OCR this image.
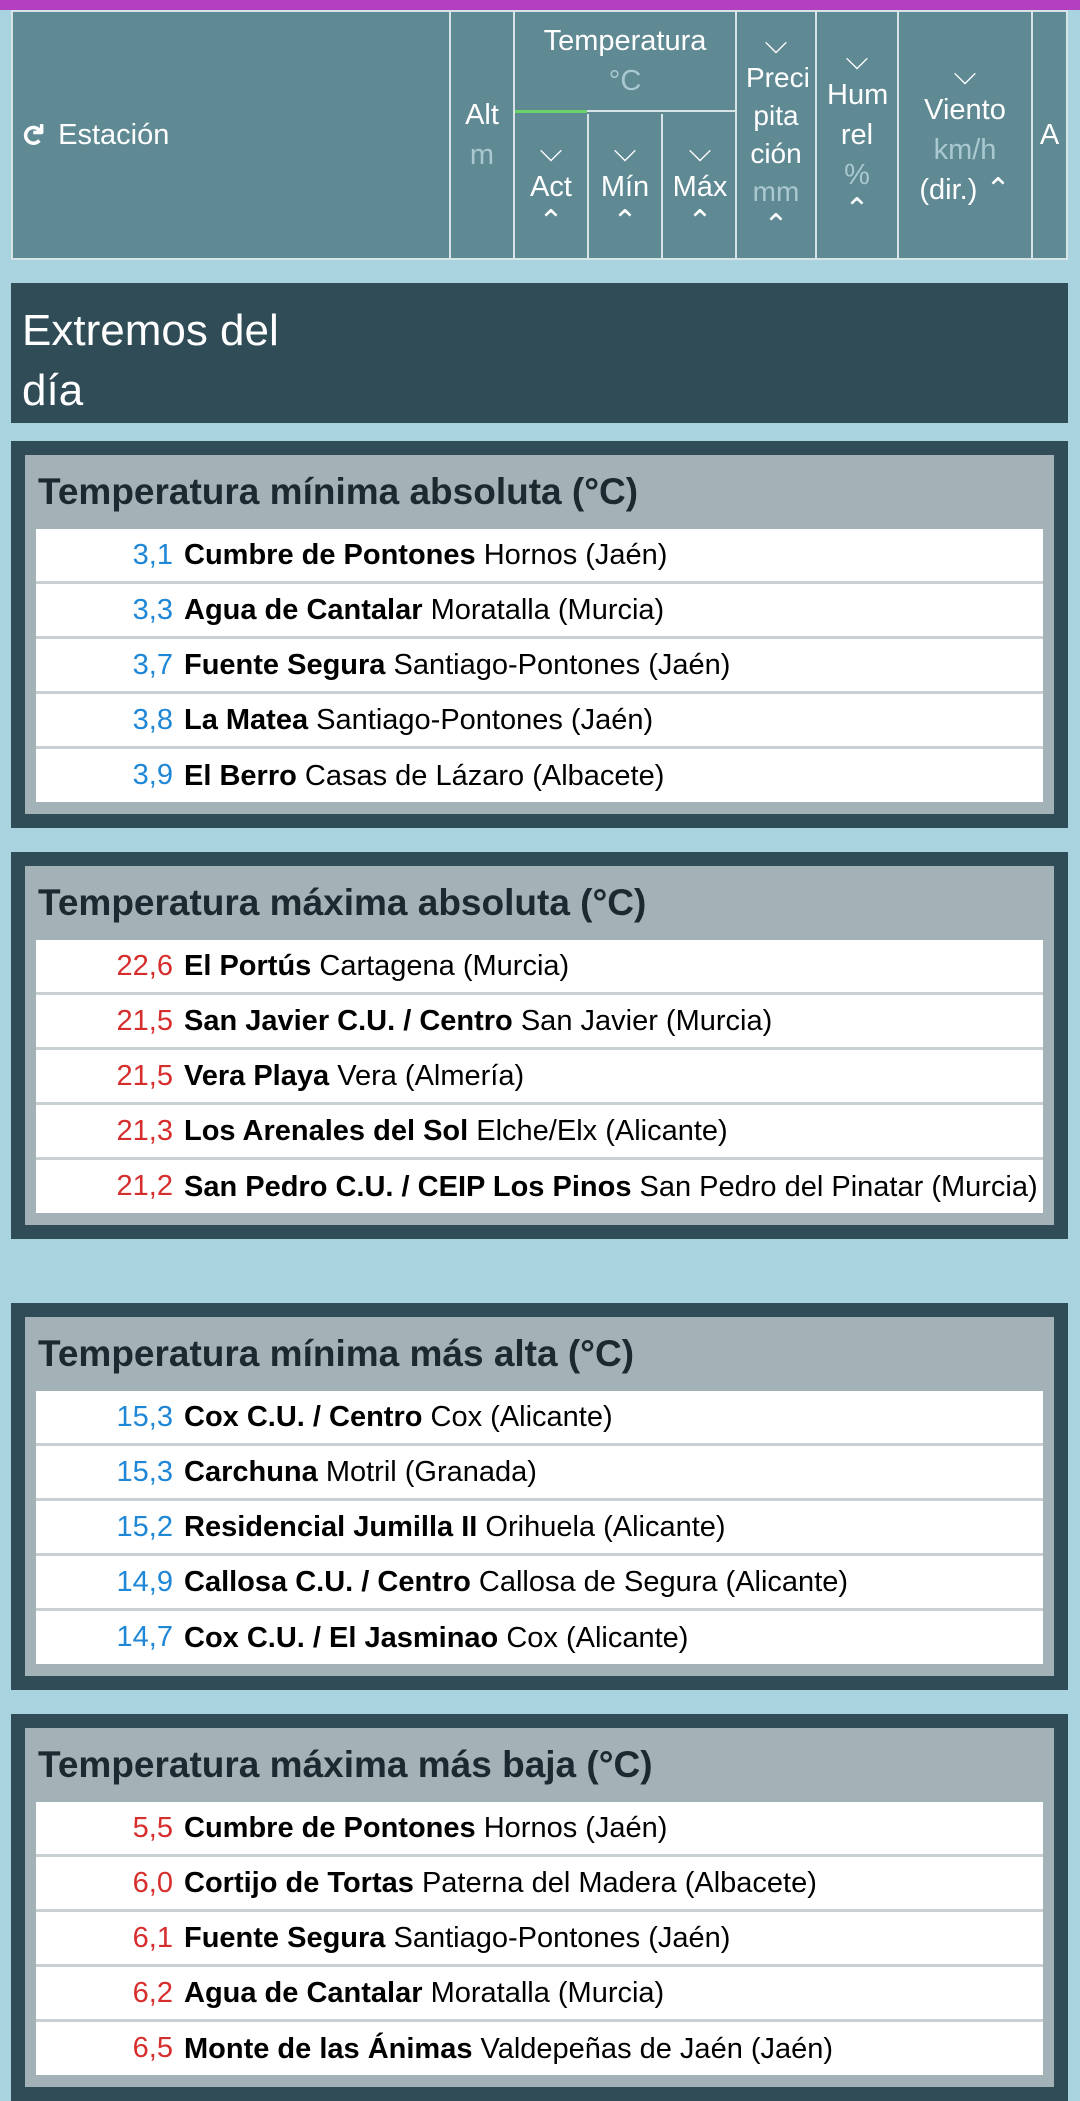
↻ Estación
Alt
m
Temperatura
°C
⌵
Act
⌃
⌵
Mín
⌃
⌵
Máx
⌃
⌵
Preci pita ción
mm
⌃
⌵
Hum rel
%
⌃
⌵
Viento
km/h
(dir.) ⌃
A
Extremos del día
Temperatura mínima absoluta (°C)
3,1 Cumbre de Pontones Hornos (Jaén)
3,3 Agua de Cantalar Moratalla (Murcia)
3,7 Fuente Segura Santiago-Pontones (Jaén)
3,8 La Matea Santiago-Pontones (Jaén)
3,9 El Berro Casas de Lázaro (Albacete)
Temperatura máxima absoluta (°C)
22,6 El Portús Cartagena (Murcia)
21,5 San Javier C.U. / Centro San Javier (Murcia)
21,5 Vera Playa Vera (Almería)
21,3 Los Arenales del Sol Elche/Elx (Alicante)
21,2 San Pedro C.U. / CEIP Los Pinos San Pedro del Pinatar (Murcia)
Temperatura mínima más alta (°C)
15,3 Cox C.U. / Centro Cox (Alicante)
15,3 Carchuna Motril (Granada)
15,2 Residencial Jumilla II Orihuela (Alicante)
14,9 Callosa C.U. / Centro Callosa de Segura (Alicante)
14,7 Cox C.U. / El Jasminao Cox (Alicante)
Temperatura máxima más baja (°C)
5,5 Cumbre de Pontones Hornos (Jaén)
6,0 Cortijo de Tortas Paterna del Madera (Albacete)
6,1 Fuente Segura Santiago-Pontones (Jaén)
6,2 Agua de Cantalar Moratalla (Murcia)
6,5 Monte de las Ánimas Valdepeñas de Jaén (Jaén)
